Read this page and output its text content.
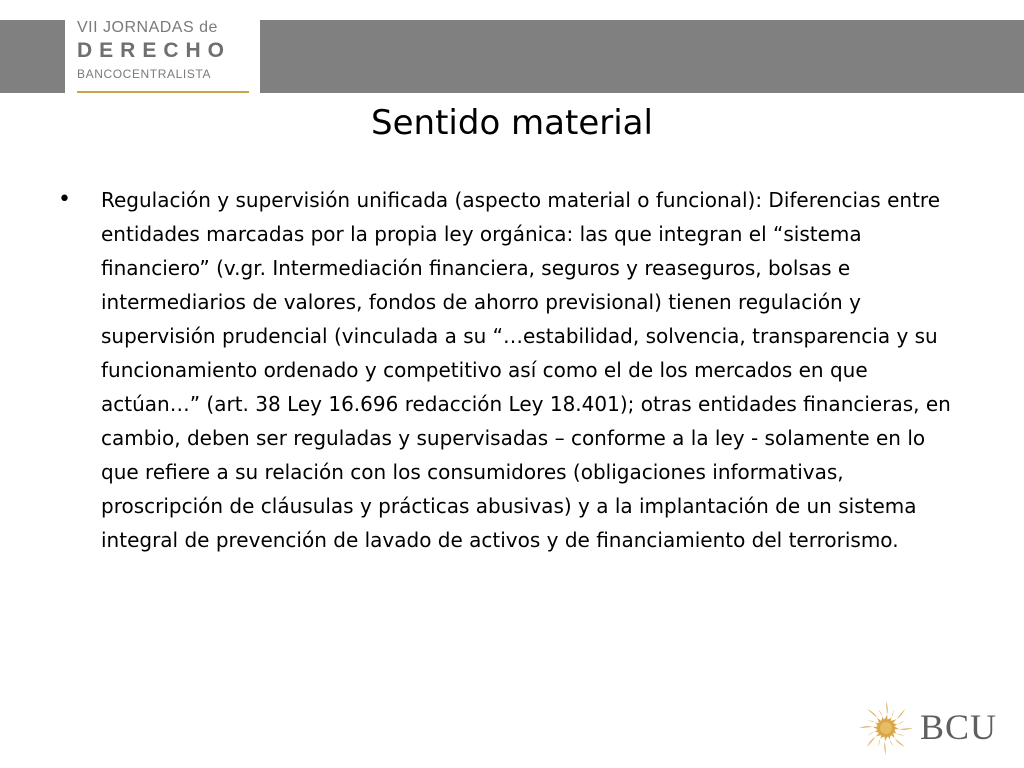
VII JORNADAS de
DERECHO
BANCOCENTRALISTA
Sentido material
•	Regulación y supervisión unificada (aspecto material o funcional): Diferencias entre entidades marcadas por la propia ley orgánica: las que integran el “sistema financiero” (v.gr. Intermediación financiera, seguros y reaseguros, bolsas e intermediarios de valores, fondos de ahorro previsional) tienen regulación y supervisión prudencial (vinculada a su “…estabilidad, solvencia, transparencia y su funcionamiento ordenado y competitivo así como el de los mercados en que actúan…” (art. 38 Ley 16.696 redacción Ley 18.401); otras entidades financieras, en cambio, deben ser reguladas y supervisadas – conforme a la ley - solamente en lo que refiere a su relación con los consumidores (obligaciones informativas, proscripción de cláusulas y prácticas abusivas) y a la implantación de un sistema integral de prevención de lavado de activos y de financiamiento del terrorismo.
BCU
